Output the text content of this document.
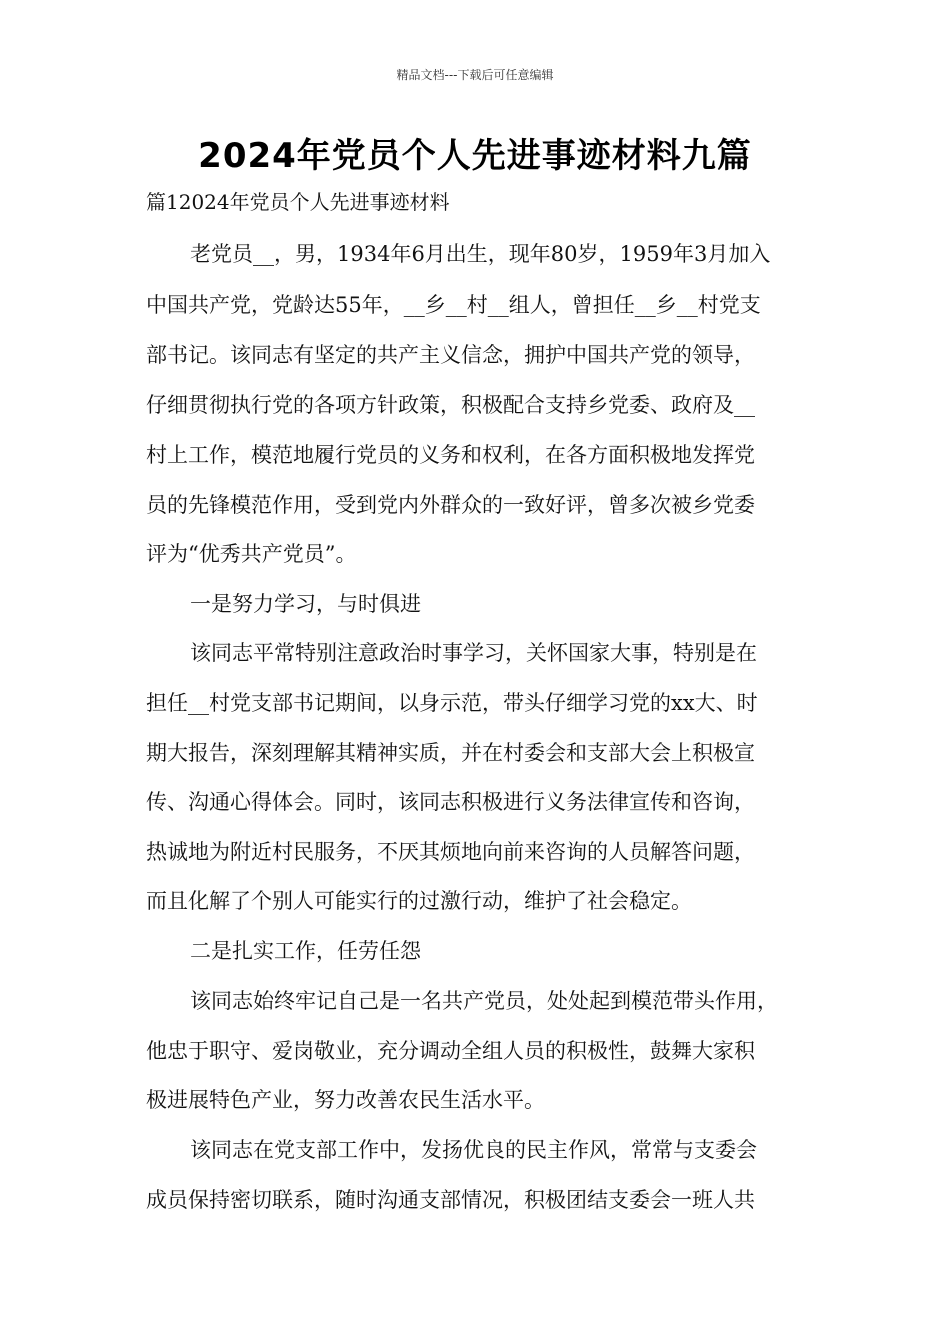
精品文档---下载后可任意编辑
2024年党员个人先进事迹材料九篇
篇12024年党员个人先进事迹材料
老党员__，男，1934年6月出生，现年80岁，1959年3月加入
中国共产党，党龄达55年，__乡__村__组人，曾担任__乡__村党支
部书记。该同志有坚定的共产主义信念，拥护中国共产党的领导，
仔细贯彻执行党的各项方针政策，积极配合支持乡党委、政府及__
村上工作，模范地履行党员的义务和权利，在各方面积极地发挥党
员的先锋模范作用，受到党内外群众的一致好评，曾多次被乡党委
评为“优秀共产党员”。
一是努力学习，与时俱进
该同志平常特别注意政治时事学习，关怀国家大事，特别是在
担任__村党支部书记期间，以身示范，带头仔细学习党的xx大、时
期大报告，深刻理解其精神实质，并在村委会和支部大会上积极宣
传、沟通心得体会。同时，该同志积极进行义务法律宣传和咨询，
热诚地为附近村民服务，不厌其烦地向前来咨询的人员解答问题，
而且化解了个别人可能实行的过激行动，维护了社会稳定。
二是扎实工作，任劳任怨
该同志始终牢记自己是一名共产党员，处处起到模范带头作用，
他忠于职守、爱岗敬业，充分调动全组人员的积极性，鼓舞大家积
极进展特色产业，努力改善农民生活水平。
该同志在党支部工作中，发扬优良的民主作风，常常与支委会
成员保持密切联系，随时沟通支部情况，积极团结支委会一班人共
